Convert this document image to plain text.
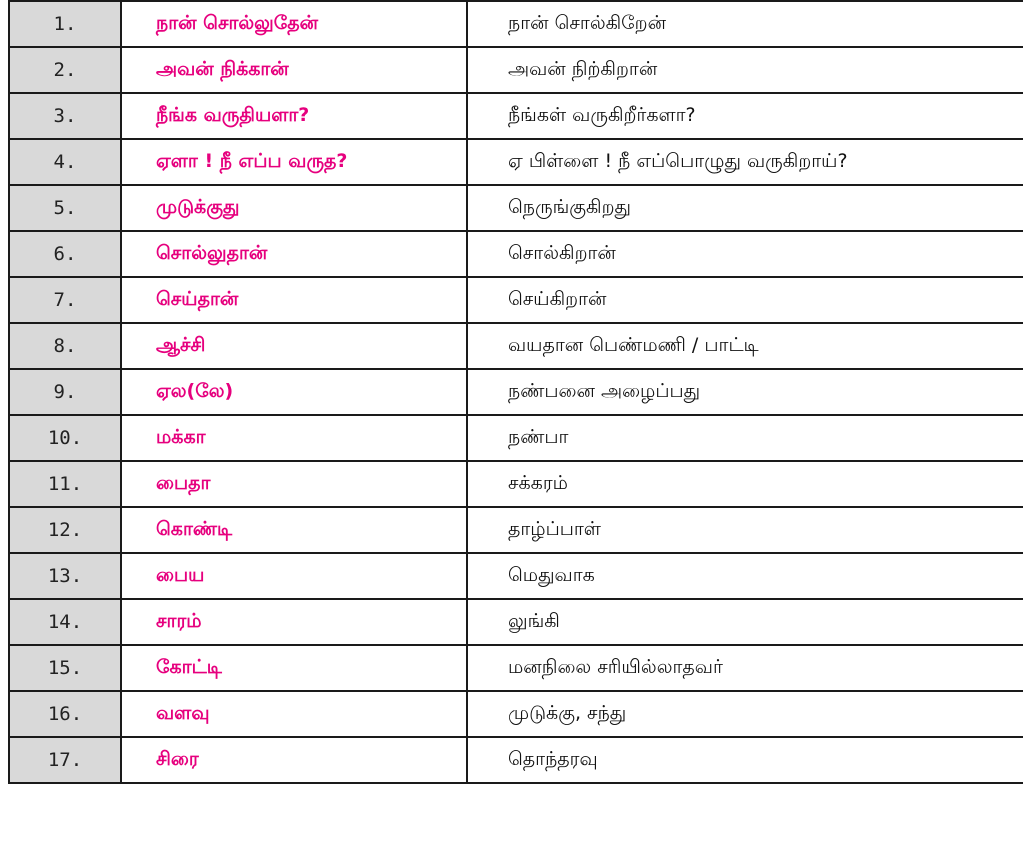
1.	நான் சொல்லுதேன்	நான் சொல்கிறேன்
2.	அவன் நிக்கான்	அவன் நிற்கிறான்
3.	நீங்க வருதியளா?	நீங்கள் வருகிறீர்களா?
4.	ஏளா ! நீ எப்ப வருத?	ஏ பிள்ளை ! நீ எப்பொழுது வருகிறாய்?
5.	முடுக்குது	நெருங்குகிறது
6.	சொல்லுதான்	சொல்கிறான்
7.	செய்தான்	செய்கிறான்
8.	ஆச்சி	வயதான பெண்மணி / பாட்டி
9.	ஏல(லே)	நண்பனை அழைப்பது
10.	மக்கா	நண்பா
11.	பைதா	சக்கரம்
12.	கொண்டி	தாழ்ப்பாள்
13.	பைய	மெதுவாக
14.	சாரம்	லுங்கி
15.	கோட்டி	மனநிலை சரியில்லாதவர்
16.	வளவு	முடுக்கு, சந்து
17.	சிரை	தொந்தரவு
